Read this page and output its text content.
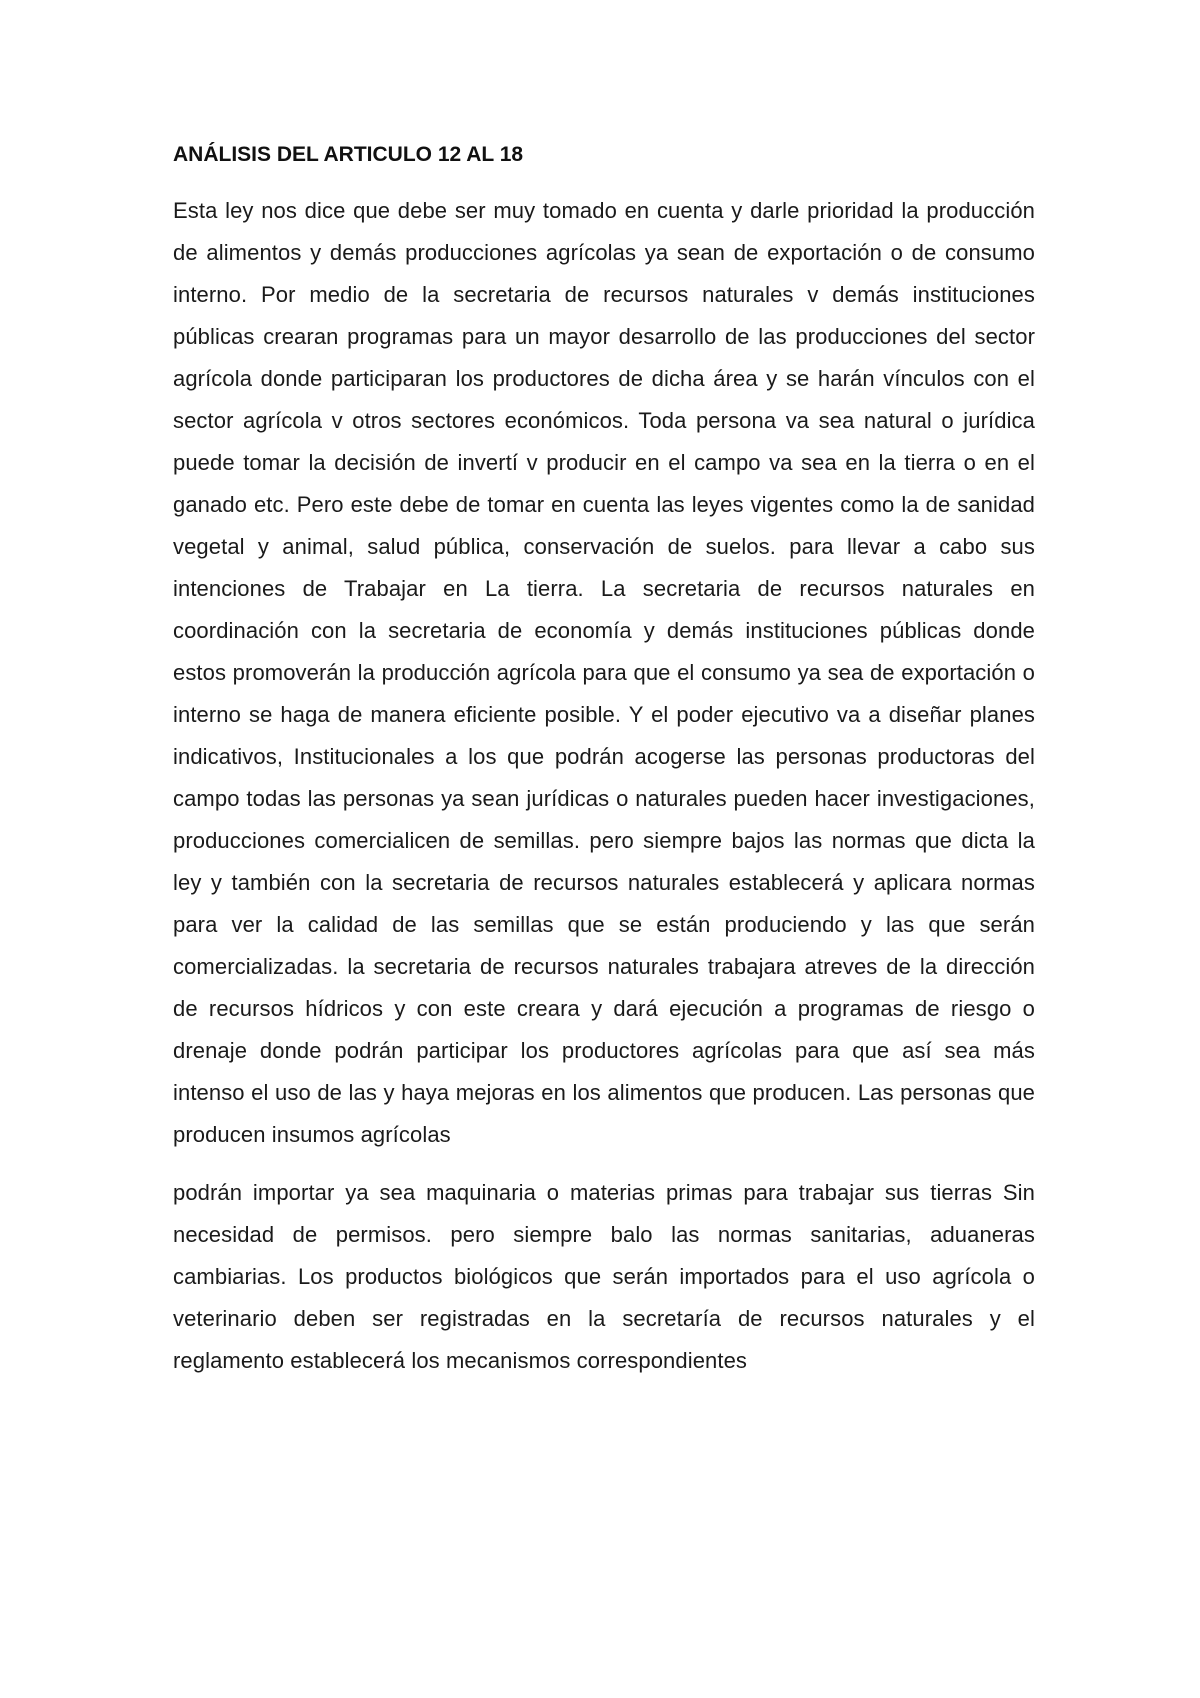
ANÁLISIS DEL ARTICULO 12 AL 18

Esta ley nos dice que debe ser muy tomado en cuenta y darle prioridad la producción de alimentos y demás producciones agrícolas ya sean de exportación o de consumo interno. Por medio de la secretaria de recursos naturales v demás instituciones públicas crearan programas para un mayor desarrollo de las producciones del sector agrícola donde participaran los productores de dicha área y se harán vínculos con el sector agrícola v otros sectores económicos. Toda persona va sea natural o jurídica puede tomar la decisión de invertí v producir en el campo va sea en la tierra o en el ganado etc. Pero este debe de tomar en cuenta las leyes vigentes como la de sanidad vegetal y animal, salud pública, conservación de suelos. para llevar a cabo sus intenciones de Trabajar en La tierra. La secretaria de recursos naturales en coordinación con la secretaria de economía y demás instituciones públicas donde estos promoverán la producción agrícola para que el consumo ya sea de exportación o interno se haga de manera eficiente posible. Y el poder ejecutivo va a diseñar planes indicativos, Institucionales a los que podrán acogerse las personas productoras del campo todas las personas ya sean jurídicas o naturales pueden hacer investigaciones, producciones comercialicen de semillas. pero siempre bajos las normas que dicta la ley y también con la secretaria de recursos naturales establecerá y aplicara normas para ver la calidad de las semillas que se están produciendo y las que serán comercializadas. la secretaria de recursos naturales trabajara atreves de la dirección de recursos hídricos y con este creara y dará ejecución a programas de riesgo o drenaje donde podrán participar los productores agrícolas para que así sea más intenso el uso de las y haya mejoras en los alimentos que producen. Las personas que producen insumos agrícolas

podrán importar ya sea maquinaria o materias primas para trabajar sus tierras Sin necesidad de permisos. pero siempre balo las normas sanitarias, aduaneras cambiarias. Los productos biológicos que serán importados para el uso agrícola o veterinario deben ser registradas en la secretaría de recursos naturales y el reglamento establecerá los mecanismos correspondientes
